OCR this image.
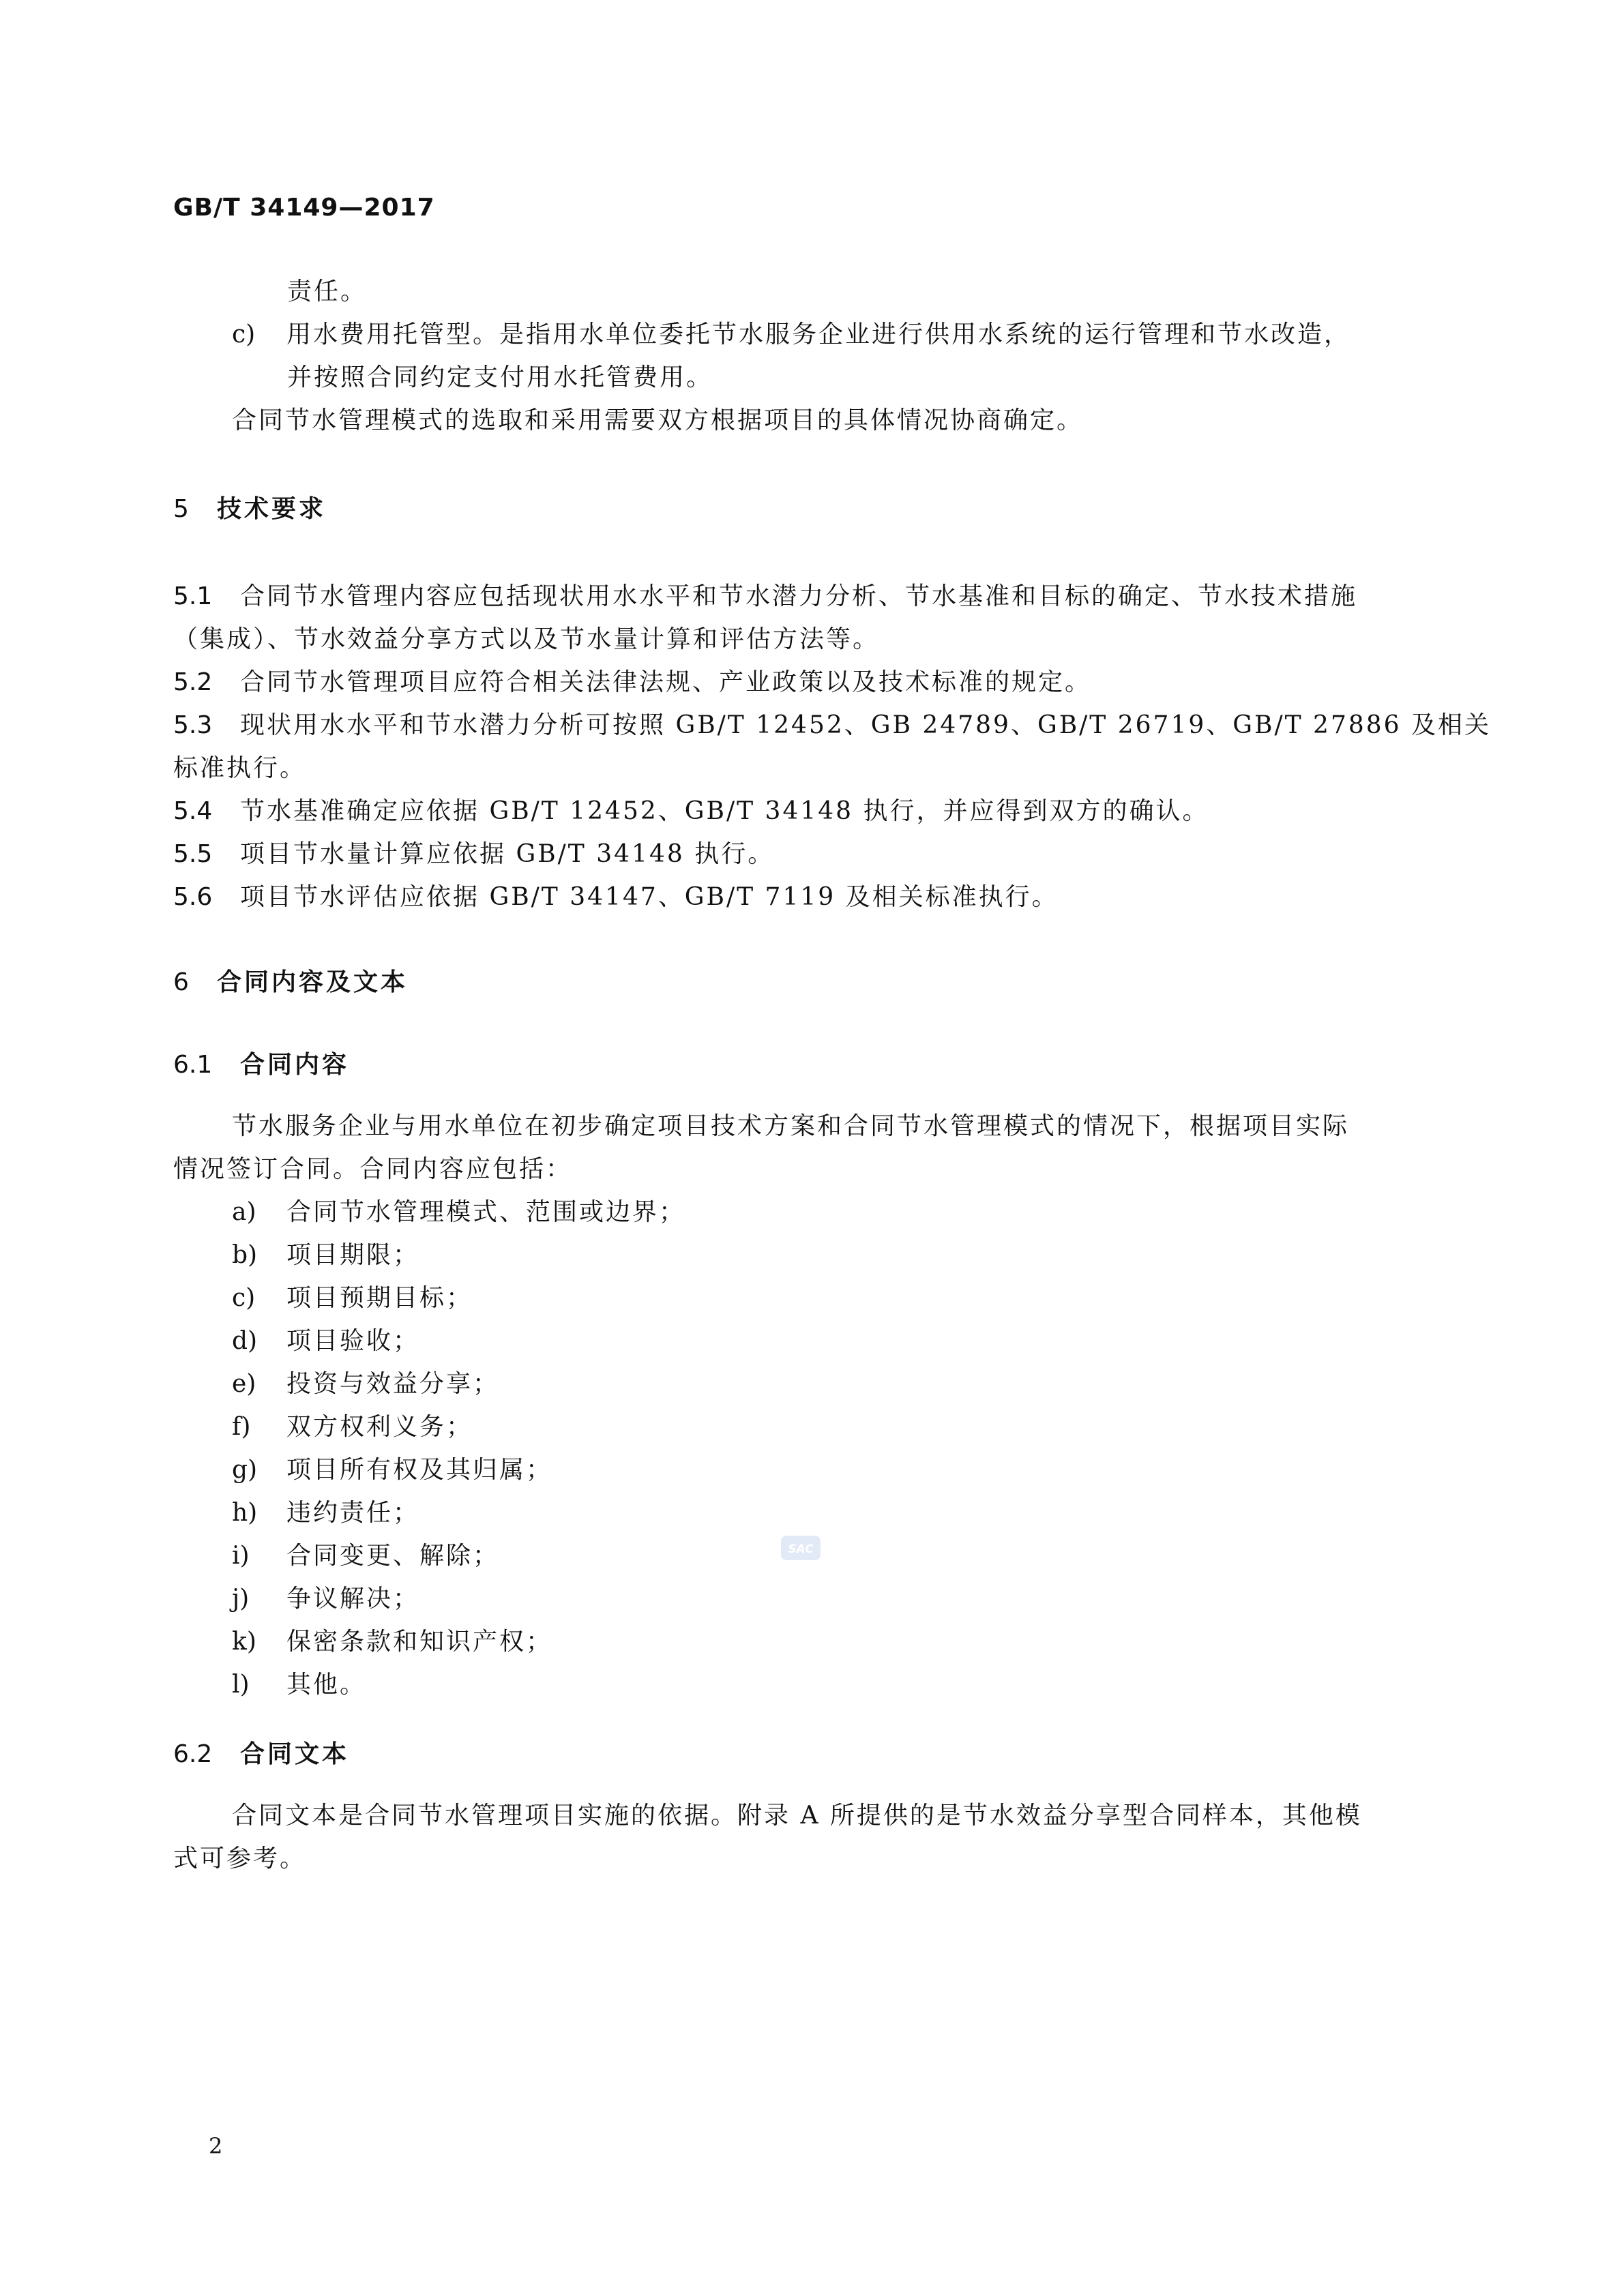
GB/T 34149—2017
责任。
c) 用水费用托管型。是指用水单位委托节水服务企业进行供用水系统的运行管理和节水改造，
并按照合同约定支付用水托管费用。
合同节水管理模式的选取和采用需要双方根据项目的具体情况协商确定。
5 技术要求
5.1 合同节水管理内容应包括现状用水水平和节水潜力分析、节水基准和目标的确定、节水技术措施
（集成）、节水效益分享方式以及节水量计算和评估方法等。
5.2 合同节水管理项目应符合相关法律法规、产业政策以及技术标准的规定。
5.3 现状用水水平和节水潜力分析可按照 GB/T 12452、GB 24789、GB/T 26719、GB/T 27886 及相关
标准执行。
5.4 节水基准确定应依据 GB/T 12452、GB/T 34148 执行，并应得到双方的确认。
5.5 项目节水量计算应依据 GB/T 34148 执行。
5.6 项目节水评估应依据 GB/T 34147、GB/T 7119 及相关标准执行。
6 合同内容及文本
6.1 合同内容
节水服务企业与用水单位在初步确定项目技术方案和合同节水管理模式的情况下，根据项目实际
情况签订合同。合同内容应包括：
a) 合同节水管理模式、范围或边界；
b) 项目期限；
c) 项目预期目标；
d) 项目验收；
e) 投资与效益分享；
f) 双方权利义务；
g) 项目所有权及其归属；
h) 违约责任；
i) 合同变更、解除；
j) 争议解决；
k) 保密条款和知识产权；
l) 其他。
6.2 合同文本
合同文本是合同节水管理项目实施的依据。附录 A 所提供的是节水效益分享型合同样本，其他模
式可参考。
SAC
2
